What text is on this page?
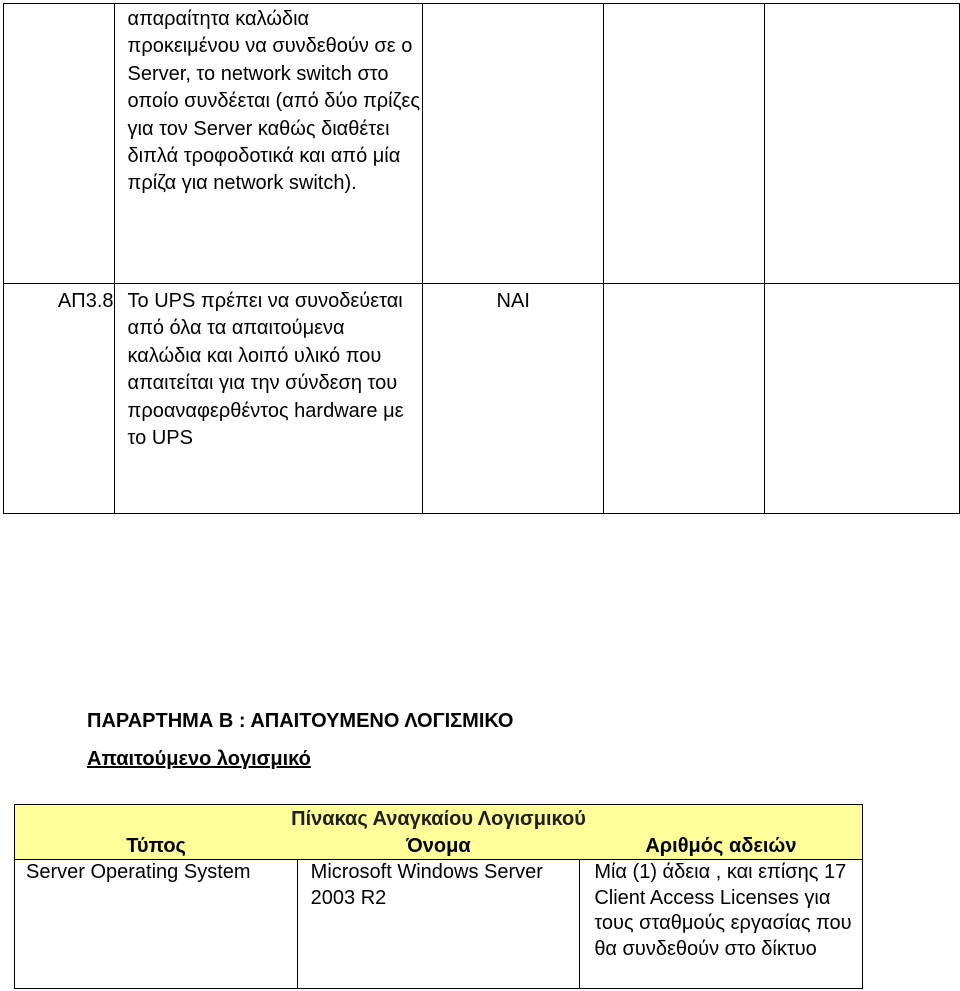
	απαραίτητα καλώδια προκειμένου να συνδεθούν σε ο Server, το network switch στο οποίο συνδέεται (από δύο πρίζες για τον Server καθώς διαθέτει διπλά τροφοδοτικά και από μία πρίζα για network switch).			
ΑΠ3.8	Το UPS πρέπει να συνοδεύεται από όλα τα απαιτούμενα καλώδια και λοιπό υλικό που απαιτείται για την σύνδεση του προαναφερθέντος hardware με το UPS	ΝΑΙ		
ΠΑΡΑΡΤΗΜΑ Β : ΑΠΑΙΤΟΥΜΕΝΟ ΛΟΓΙΣΜΙΚΟ
Απαιτούμενο λογισμικό
Πίνακας Αναγκαίου Λογισμικού		
Τύπος	Όνομα	Αριθμός αδειών
Server Operating System	Microsoft Windows Server 2003 R2	Μία (1) άδεια , και επίσης 17 Client Access Licenses για τους σταθμούς εργασίας που θα συνδεθούν στο δίκτυο
